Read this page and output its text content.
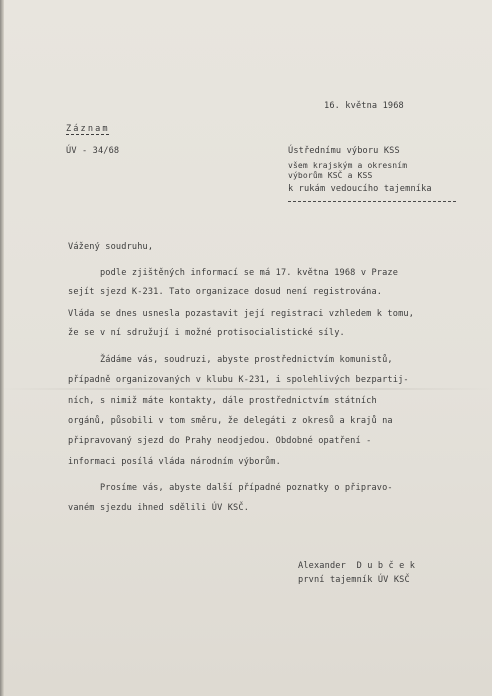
16. května 1968
Záznam
ÚV - 34/68	Ústřednímu výboru KSS
všem krajským a okresním
výborům KSČ a KSS
k rukám vedoucího tajemníka
Vážený soudruhu,
podle zjištěných informací se má 17. května 1968 v Praze
sejít sjezd K-231. Tato organizace dosud není registrována.
Vláda se dnes usnesla pozastavit její registraci vzhledem k tomu,
že se v ní sdružují i možné protisocialistické síly.
Žádáme vás, soudruzi, abyste prostřednictvím komunistů,
případně organizovaných v klubu K-231, i spolehlivých bezpartij-
ních, s nimiž máte kontakty, dále prostřednictvím státních
orgánů, působili v tom směru, že delegáti z okresů a krajů na
připravovaný sjezd do Prahy neodjedou. Obdobné opatření -
informaci posílá vláda národním výborům.
Prosíme vás, abyste další případné poznatky o připravo-
vaném sjezdu ihned sdělili ÚV KSČ.
Alexander  D u b č e k
první tajemník ÚV KSČ
